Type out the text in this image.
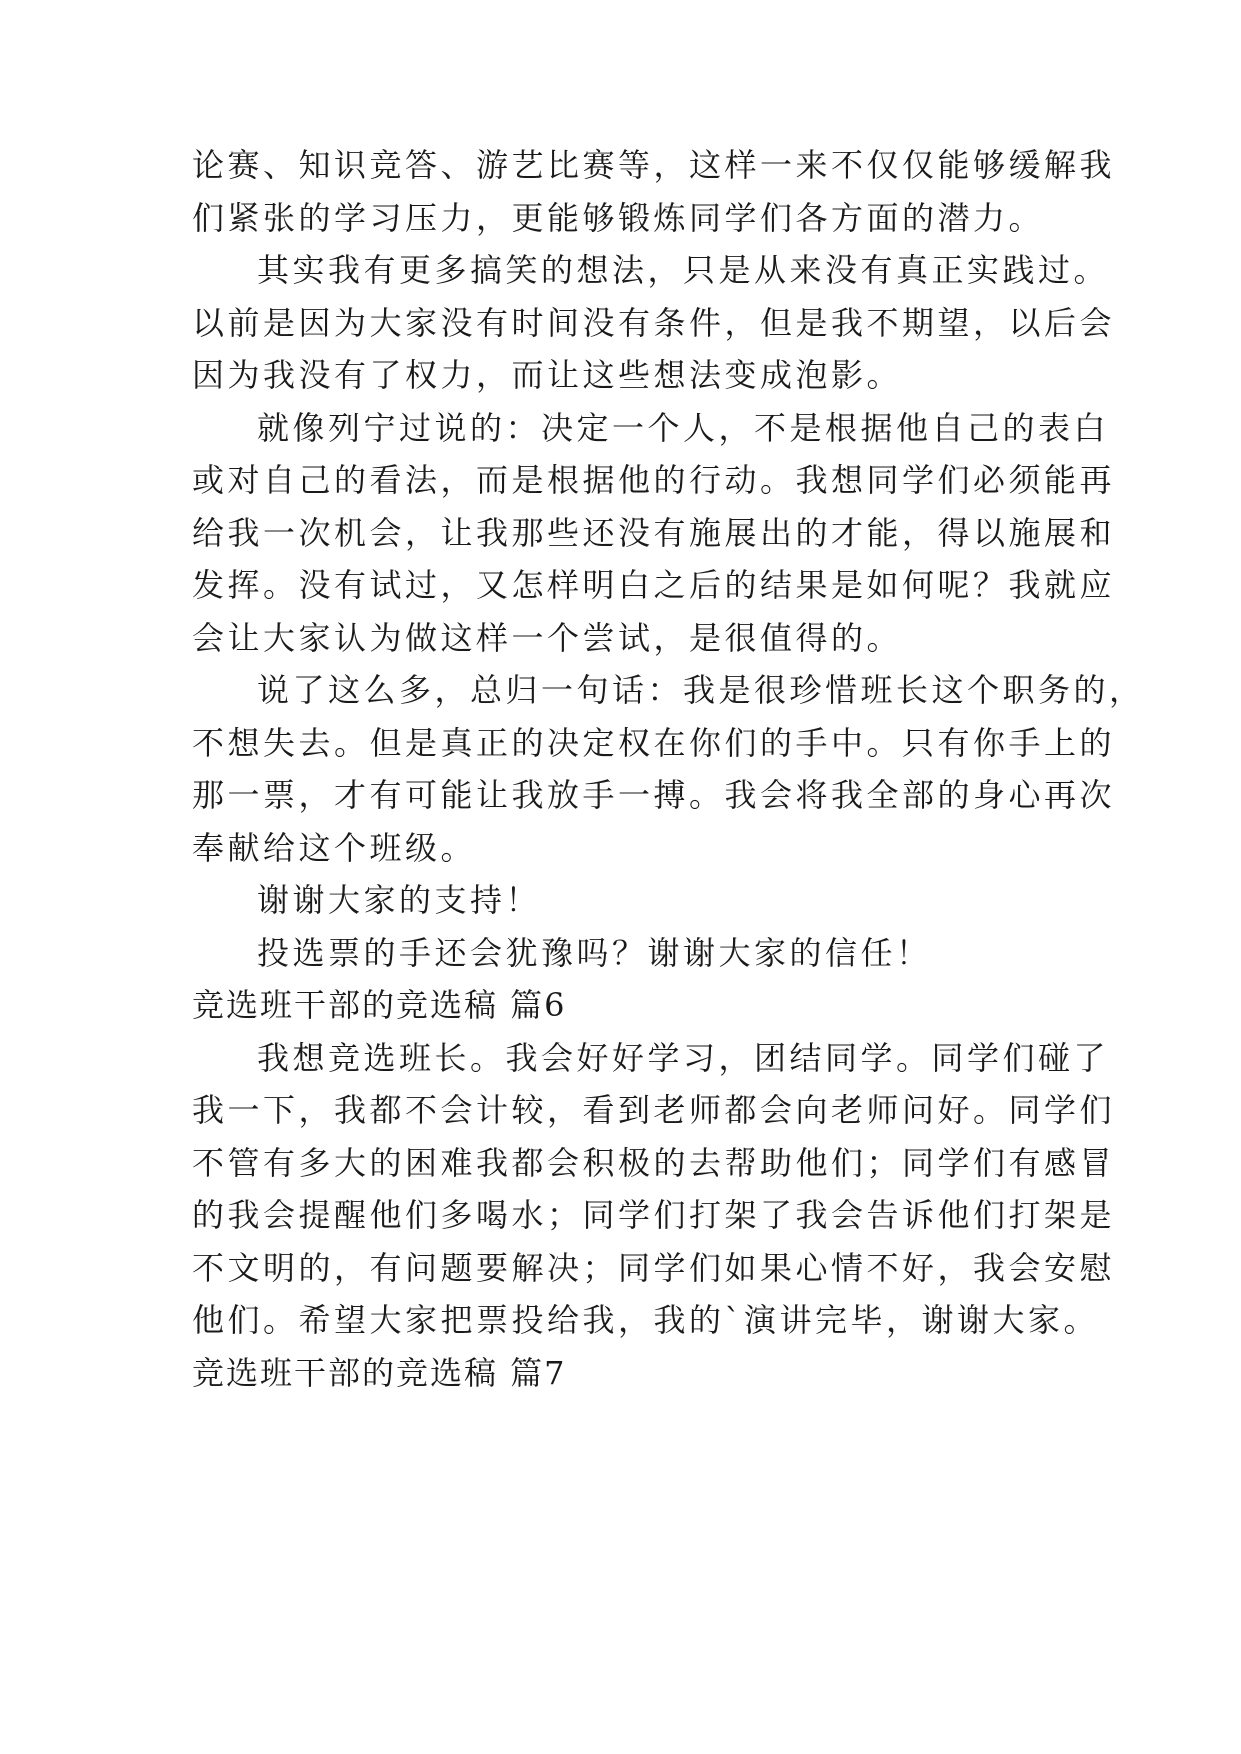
论赛、知识竞答、游艺比赛等，这样一来不仅仅能够缓解我
们紧张的学习压力，更能够锻炼同学们各方面的潜力。
其实我有更多搞笑的想法，只是从来没有真正实践过。
以前是因为大家没有时间没有条件，但是我不期望，以后会
因为我没有了权力，而让这些想法变成泡影。
就像列宁过说的：决定一个人，不是根据他自己的表白
或对自己的看法，而是根据他的行动。我想同学们必须能再
给我一次机会，让我那些还没有施展出的才能，得以施展和
发挥。没有试过，又怎样明白之后的结果是如何呢？我就应
会让大家认为做这样一个尝试，是很值得的。
说了这么多，总归一句话：我是很珍惜班长这个职务的，
不想失去。但是真正的决定权在你们的手中。只有你手上的
那一票，才有可能让我放手一搏。我会将我全部的身心再次
奉献给这个班级。
谢谢大家的支持！
投选票的手还会犹豫吗？谢谢大家的信任！
竞选班干部的竞选稿 篇6
我想竞选班长。我会好好学习，团结同学。同学们碰了
我一下，我都不会计较，看到老师都会向老师问好。同学们
不管有多大的困难我都会积极的去帮助他们；同学们有感冒
的我会提醒他们多喝水；同学们打架了我会告诉他们打架是
不文明的，有问题要解决；同学们如果心情不好，我会安慰
他们。希望大家把票投给我，我的`演讲完毕，谢谢大家。
竞选班干部的竞选稿 篇7
